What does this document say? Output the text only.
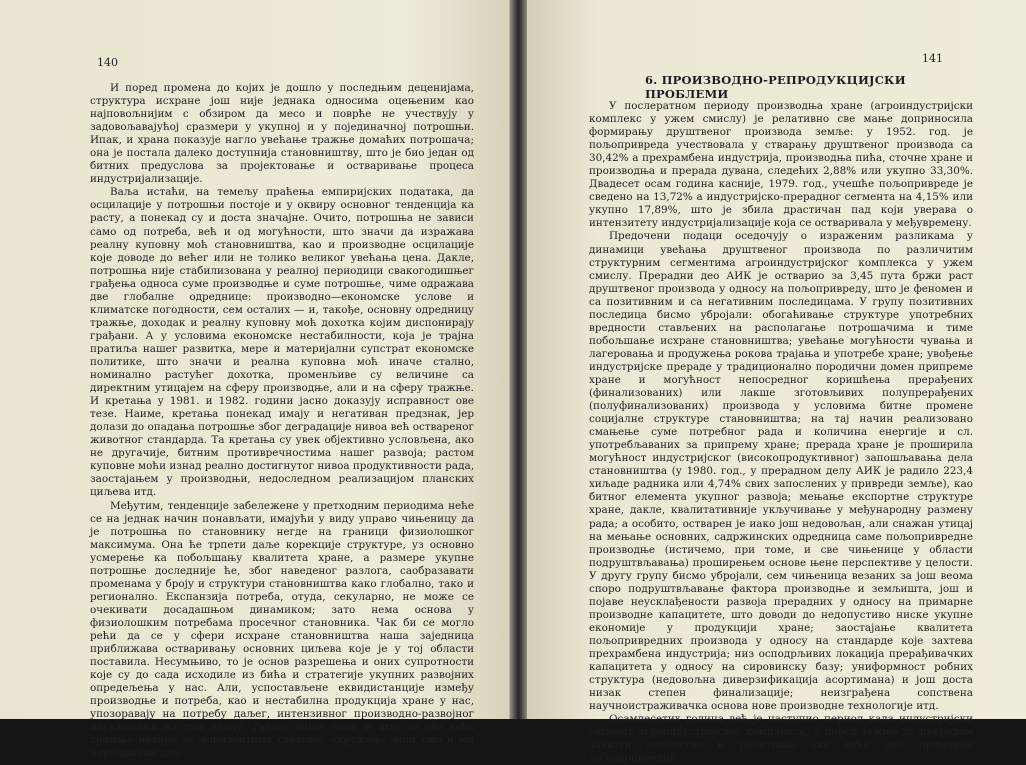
140

И поред промена до којих је дошло у последњим деценијама, структура исхране још није једнака односима оцењеним као најповољнијим с обзиром да месо и поврће не учествују у задовољавајућој сразмери у укупној и у појединачној потрошњи. Ипак, и храна показује нагло увећање тражње домаћих потрошача; она је постала далеко доступнија становништву, што је био један од битних предуслова за пројектовање и остваривање процеса индустријализације.

Ваља истаћи, на темељу праћења емпиријских података, да осцилације у потрошњи постоје и у оквиру основног тенденција ка расту, а понекад су и доста значајне. Очито, потрошња не зависи само од потреба, већ и од могућности, што значи да изражава реалну куповну моћ становништва, као и производне осцилације које доводе до већег или не толико великог увећања цена. Дакле, потрошња није стабилизована у реалној периодици свакогодишњег грађења односа суме производње и суме потрошње, чиме одражава две глобалне одреднице: производно—економске услове и климатске погодности, сем осталих — и, такође, основну одредницу тражње, доходак и реалну куповну моћ дохотка којим диспонирају грађани. А у условима економске нестабилности, која је трајна пратиља нашег развитка, мере и материјални супстрат економске политике, што значи и реална куповна моћ иначе стално, номинално растућег дохотка, променљиве су величине са директним утицајем на сферу производње, али и на сферу тражње. И кретања у 1981. и 1982. години јасно доказују исправност ове тезе. Наиме, кретања понекад имају и негативан предзнак, јер долази до опадања потрошње због деградације нивоа већ оствареног животног стандарда. Та кретања су увек објективно условљена, ако не другачије, битним противречностима нашег развоја; растом куповне моћи изнад реално достигнутог нивоа продуктивности рада, заостајањем у производњи, недоследном реализацијом планских циљева итд.

Међутим, тенденције забележене у претходним периодима неће се на једнак начин понављати, имајући у виду управо чињеницу да је потрошња по становнику негде на граници физиолошког максимума. Она ће трпети даље корекције структуре, уз основно усмерење ка побољшању квалитета хране, а размере укупне потрошње доследније ће, због наведеног разлога, саобразавати променама у броју и структури становништва како глобално, тако и регионално. Експанзија потреба, отуда, секуларно, не може се очекивати досадашњом динамиком; зато нема основа у физиолошким потребама просечног становника. Чак би се могло рећи да се у сфери исхране становништва наша заједница приближава остваривању основних циљева које је у тој области поставила. Несумњиво, то је основ разрешења и оних супротности које су до сада исходиле из бића и стратегије укупних развојних опредељења у нас. Али, успостављене еквидистанције између производње и потреба, као и нестабилна продукција хране у нас, упозоравају на потребу даљег, интензивног производно-развојног ангажовања на том плану. Разлог више томе је што се све већа тражња назире на хоризонтима светског окружења чији смо и ми нераздвојни део.

141
6. ПРОИЗВОДНО-РЕПРОДУКЦИЈСКИ ПРОБЛЕМИ

У послератном периоду производња хране (агроиндустријски комплекс у ужем смислу) је релативно све мање доприносила формирању друштвеног производа земље: у 1952. год. је пољопривреда учествовала у стварању друштвеног производа са 30,42% а прехрамбена индустрија, производња пића, сточне хране и производња и прерада дувана, следећих 2,88% или укупно 33,30%. Двадесет осам година касније, 1979. год., учешће пољопривреде је сведено на 13,72% а индустријско-прерадног сегмента на 4,15% или укупно 17,89%, што је збила драстичан пад који уверава о интензитету индустријализације која се остваривала у међувремену.

Предочени подаци оседочују о израженим разликама у динамици увећања друштвеног производа по различитим структурним сегментима агроиндустријског комплекса у ужем смислу. Прерадни део АИК је остварио за 3,45 пута бржи раст друштвеног производа у односу на пољопривреду, што је феномен и са позитивним и са негативним последицама. У групу позитивних последица бисмо убројали: обогаћивање структуре употребних вредности стављених на располагање потрошачима и тиме побољшање исхране становништва; увећање могућности чувања и лагеровања и продужења рокова трајања и употребе хране; увођење индустријске прераде у традиционално породични домен припреме хране и могућност непосредног коришћења прерађених (финализованих) или лакше зготовљивих полупрерађених (полуфинализованих) производа у условима битне промене социјалне структуре становништва; на тај начин реализовано смањење суме потребног рада и количина енергије и сл. употребљаваних за припрему хране; прерада хране је проширила могућност индустријског (високопродуктивног) запошљавања дела становништва (у 1980. год., у прерадном делу АИК је радило 223,4 хиљаде радника или 4,74% свих запослених у привреди земље), као битног елемента укупног развоја; мењање експортне структуре хране, дакле, квалитативније укључивање у међународну размену рада; а особито, остварен је иако још недовољан, али снажан утицај на мењање основних, садржинских одредница саме пољопривредне производње (истичемо, при томе, и све чињенице у области подруштвљавања) проширењем основе њене перспективе у целости. У другу групу бисмо убројали, сем чињеница везаних за још веома споро подруштвљавање фактора производње и земљишта, још и појаве неусклађености развоја прерадних у односу на примарне производне капацитете, што доводи до недопустиво ниске укупне економије у продукцији хране; заостајање квалитета пољопривредних производа у односу на стандарде које захтева прехрамбена индустрија; низ осподрљивих локација прерађивачких капацитета у односу на сировинску базу; униформност робних структура (недовољна диверзификација асортимана) и још доста низак степен финализације; неизграђена сопствена научноистраживачка основа нове производне технологије итд.

Осамдесетих година већ је наступио период када индустријски сегмент агроиндустријског комплекса, и поред тежње да прерадом захвати апсолутно и релативно све већи део примарне пољопривредне
